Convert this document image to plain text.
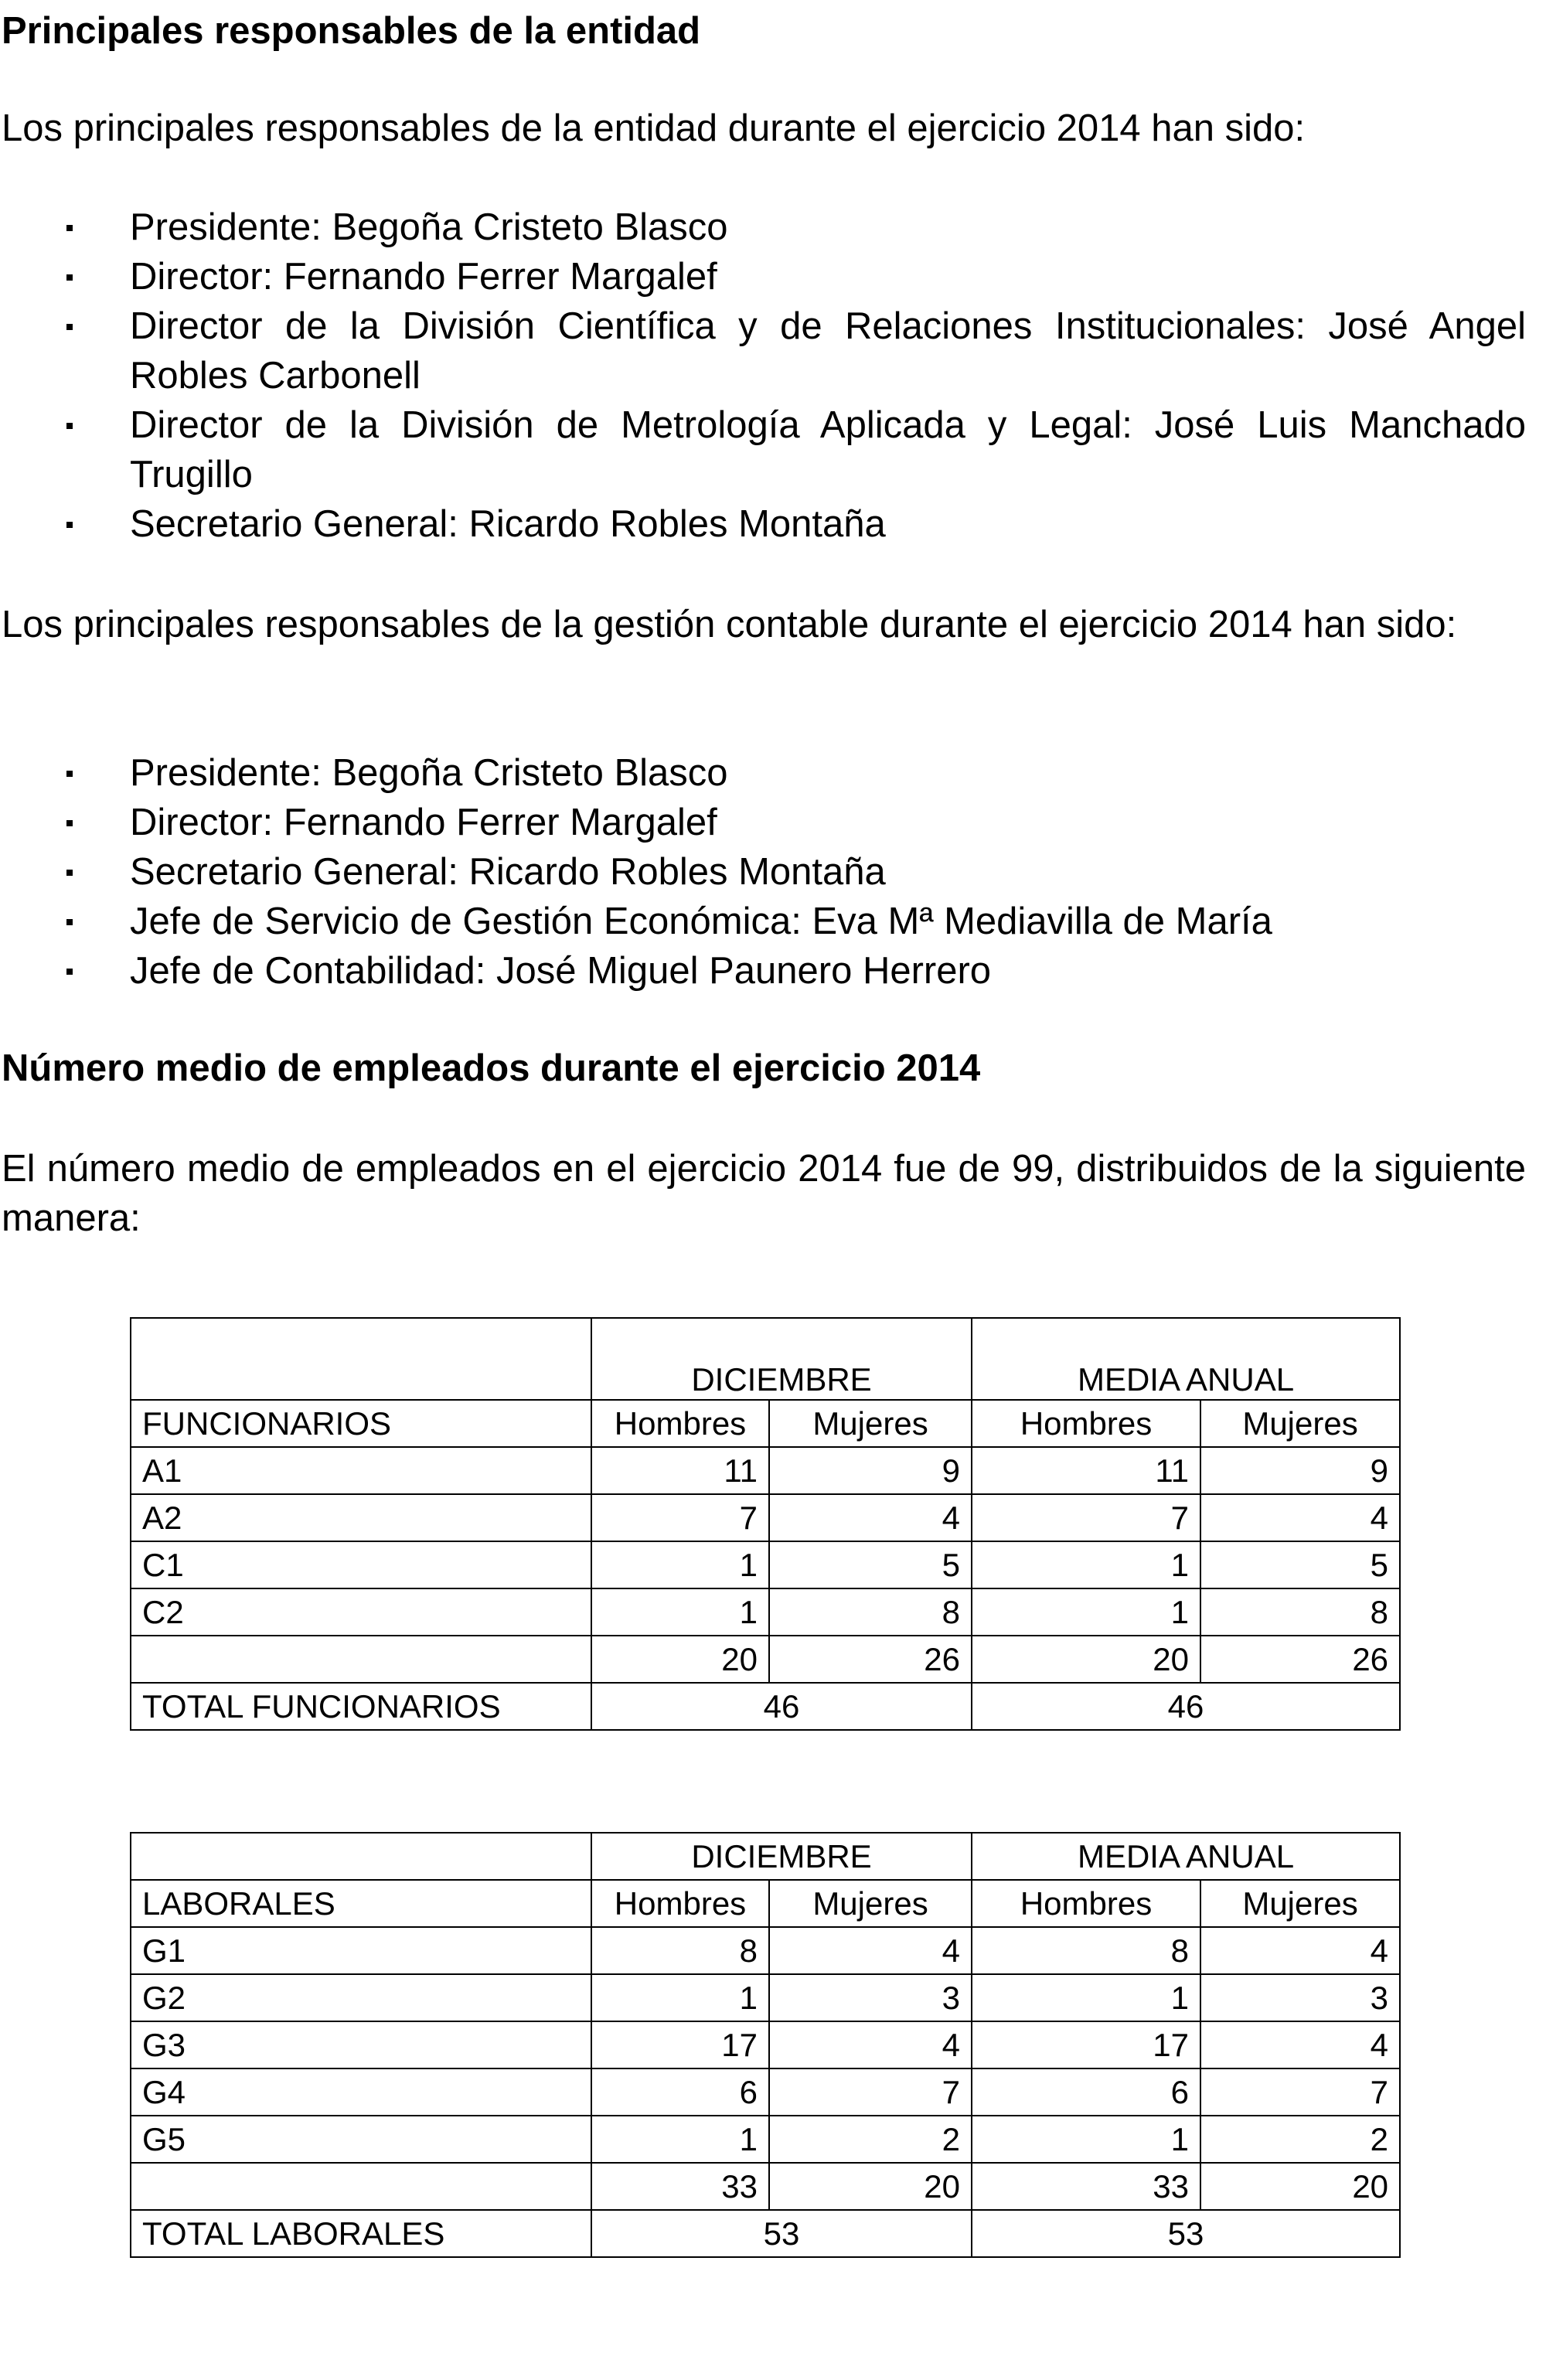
Principales responsables de la entidad
Los principales responsables de la entidad durante el ejercicio 2014 han sido:
Presidente: Begoña Cristeto Blasco
Director: Fernando Ferrer Margalef
Director de la División Científica y de Relaciones Institucionales: José Angel Robles Carbonell
Director de la División de Metrología Aplicada y Legal: José Luis Manchado Trugillo
Secretario General: Ricardo Robles Montaña
Los principales responsables de la gestión contable durante el ejercicio 2014 han sido:
Presidente: Begoña Cristeto Blasco
Director: Fernando Ferrer Margalef
Secretario General: Ricardo Robles Montaña
Jefe de Servicio de Gestión Económica: Eva Mª Mediavilla de María
Jefe de Contabilidad: José Miguel Paunero Herrero
Número medio de empleados durante el ejercicio 2014
El número medio de empleados en el ejercicio 2014 fue de 99, distribuidos de la siguiente manera:
	DICIEMBRE		MEDIA ANUAL	
FUNCIONARIOS	Hombres	Mujeres	Hombres	Mujeres
A1	11	9	11	9
A2	7	4	7	4
C1	1	5	1	5
C2	1	8	1	8
	20	26	20	26
TOTAL FUNCIONARIOS	46		46	
	DICIEMBRE		MEDIA ANUAL	
LABORALES	Hombres	Mujeres	Hombres	Mujeres
G1	8	4	8	4
G2	1	3	1	3
G3	17	4	17	4
G4	6	7	6	7
G5	1	2	1	2
	33	20	33	20
TOTAL LABORALES	53		53	
